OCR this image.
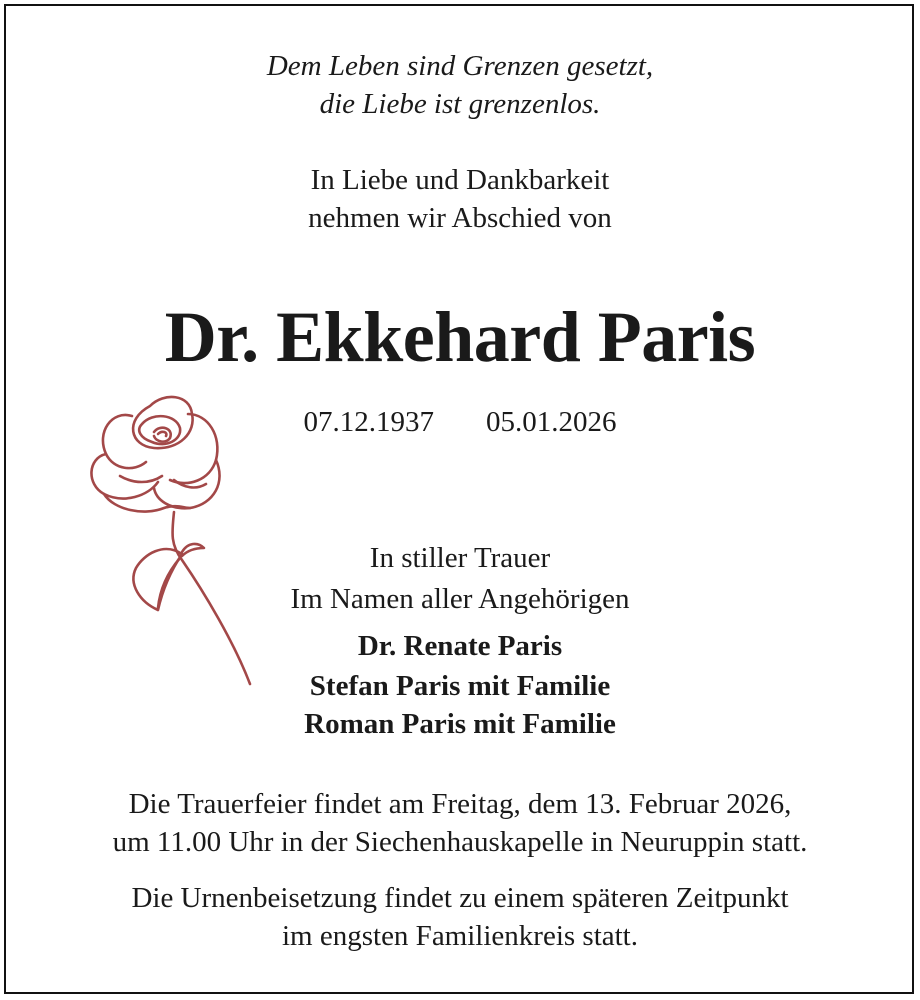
Dem Leben sind Grenzen gesetzt,

die Liebe ist grenzenlos.

In Liebe und Dankbarkeit

nehmen wir Abschied von

Dr. Ekkehard Paris

07.12.1937 05.01.2026

In stiller Trauer

Im Namen aller Angehörigen

Dr. Renate Paris

Stefan Paris mit Familie

Roman Paris mit Familie

Die Trauerfeier findet am Freitag, dem 13. Februar 2026,

um 11.00 Uhr in der Siechenhauskapelle in Neuruppin statt.

Die Urnenbeisetzung findet zu einem späteren Zeitpunkt

im engsten Familienkreis statt.
